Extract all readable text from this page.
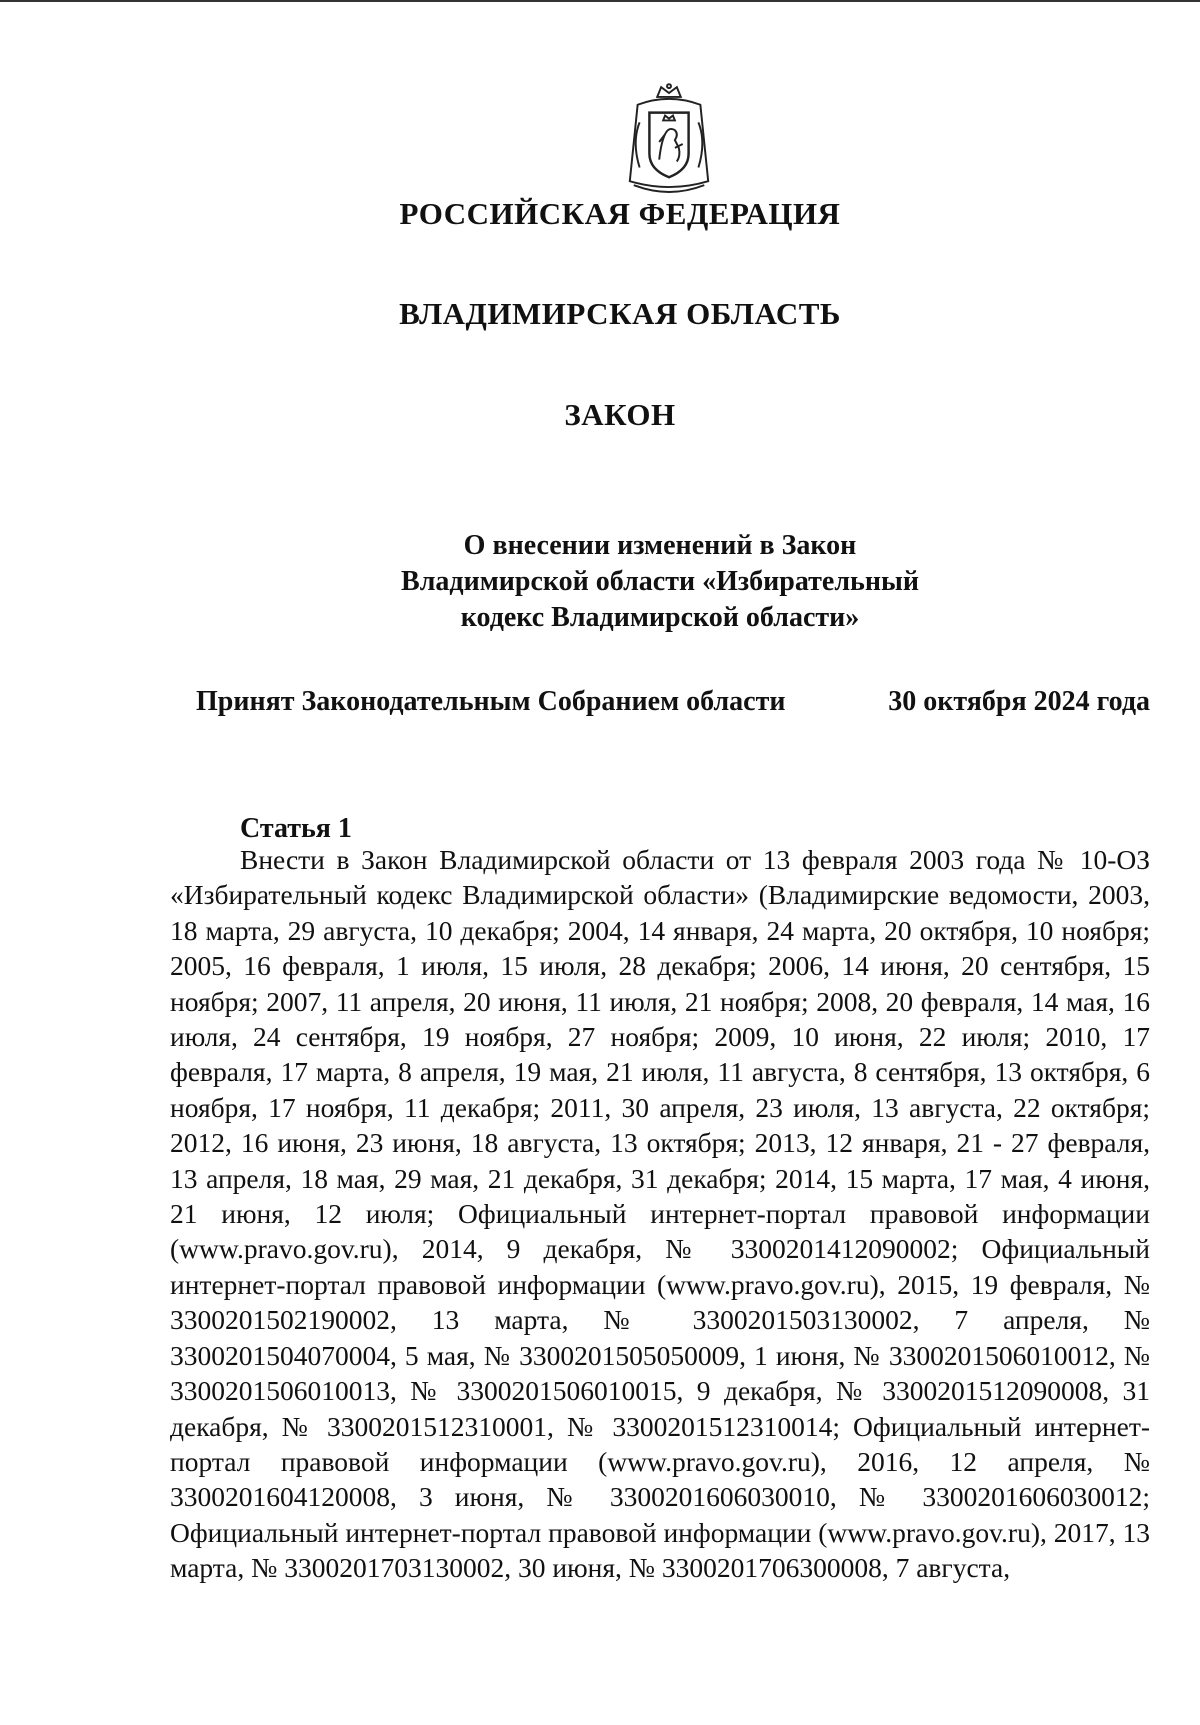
РОССИЙСКАЯ ФЕДЕРАЦИЯ
ВЛАДИМИРСКАЯ ОБЛАСТЬ
ЗАКОН
О внесении изменений в Закон
Владимирской области «Избирательный
кодекс Владимирской области»
Принят Законодательным Собранием области	30 октября 2024 года
Статья 1
Внести в Закон Владимирской области от 13 февраля 2003 года № 10-ОЗ «Избирательный кодекс Владимирской области» (Владимирские ведомости, 2003, 18 марта, 29 августа, 10 декабря; 2004, 14 января, 24 марта, 20 октября, 10 ноября; 2005, 16 февраля, 1 июля, 15 июля, 28 декабря; 2006, 14 июня, 20 сентября, 15 ноября; 2007, 11 апреля, 20 июня, 11 июля, 21 ноября; 2008, 20 февраля, 14 мая, 16 июля, 24 сентября, 19 ноября, 27 ноября; 2009, 10 июня, 22 июля; 2010, 17 февраля, 17 марта, 8 апреля, 19 мая, 21 июля, 11 августа, 8 сентября, 13 октября, 6 ноября, 17 ноября, 11 декабря; 2011, 30 апреля, 23 июля, 13 августа, 22 октября; 2012, 16 июня, 23 июня, 18 августа, 13 октября; 2013, 12 января, 21 - 27 февраля, 13 апреля, 18 мая, 29 мая, 21 декабря, 31 декабря; 2014, 15 марта, 17 мая, 4 июня, 21 июня, 12 июля; Официальный интернет-портал правовой информации (www.pravo.gov.ru), 2014, 9 декабря, № 3300201412090002; Официальный интернет-портал правовой информации (www.pravo.gov.ru), 2015, 19 февраля, № 3300201502190002, 13 марта, № 3300201503130002, 7 апреля, № 3300201504070004, 5 мая, № 3300201505050009, 1 июня, № 3300201506010012, № 3300201506010013, № 3300201506010015, 9 декабря, № 3300201512090008, 31 декабря, № 3300201512310001, № 3300201512310014; Официальный интернет-портал правовой информации (www.pravo.gov.ru), 2016, 12 апреля, № 3300201604120008, 3 июня, № 3300201606030010, № 3300201606030012; Официальный интернет-портал правовой информации (www.pravo.gov.ru), 2017, 13 марта, № 3300201703130002, 30 июня, № 3300201706300008, 7 августа,
